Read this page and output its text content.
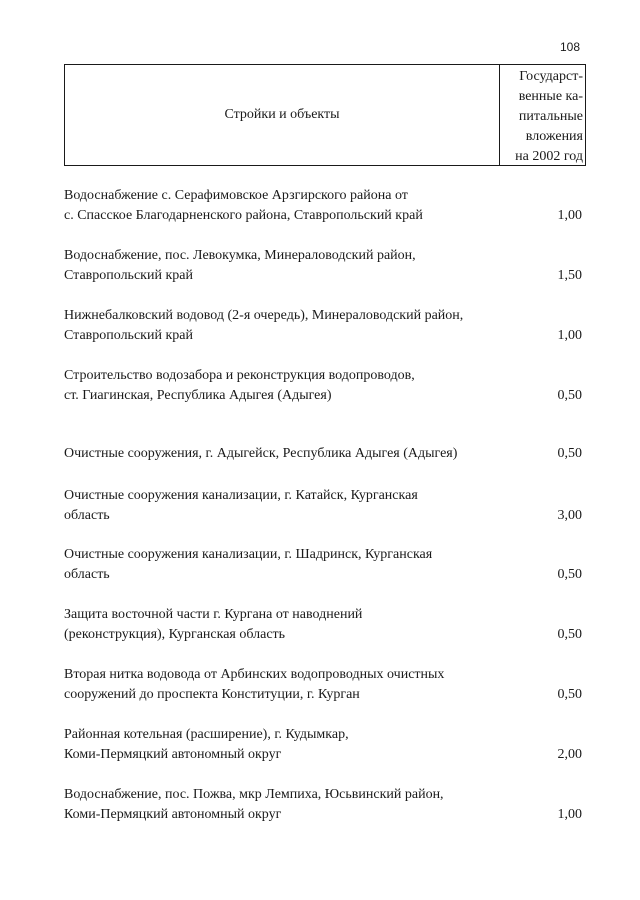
108
Стройки и объекты
Государст-
венные ка-
питальные
вложения
на 2002 год
Водоснабжение с. Серафимовское Арзгирского района от
с. Спасское Благодарненского района, Ставропольский край	1,00
Водоснабжение, пос. Левокумка, Минераловодский район,
Ставропольский край	1,50
Нижнебалковский водовод (2-я очередь), Минераловодский район,
Ставропольский край	1,00
Строительство водозабора и реконструкция водопроводов,
ст. Гиагинская, Республика Адыгея (Адыгея)	0,50
Очистные сооружения, г. Адыгейск, Республика Адыгея (Адыгея)	0,50
Очистные сооружения канализации, г. Катайск, Курганская
область	3,00
Очистные сооружения канализации, г. Шадринск, Курганская
область	0,50
Защита восточной части г. Кургана от наводнений
(реконструкция), Курганская область	0,50
Вторая нитка водовода от Арбинских водопроводных очистных
сооружений до проспекта Конституции, г. Курган	0,50
Районная котельная (расширение), г. Кудымкар,
Коми-Пермяцкий автономный округ	2,00
Водоснабжение, пос. Пожва, мкр Лемпиха, Юсьвинский район,
Коми-Пермяцкий автономный округ	1,00
